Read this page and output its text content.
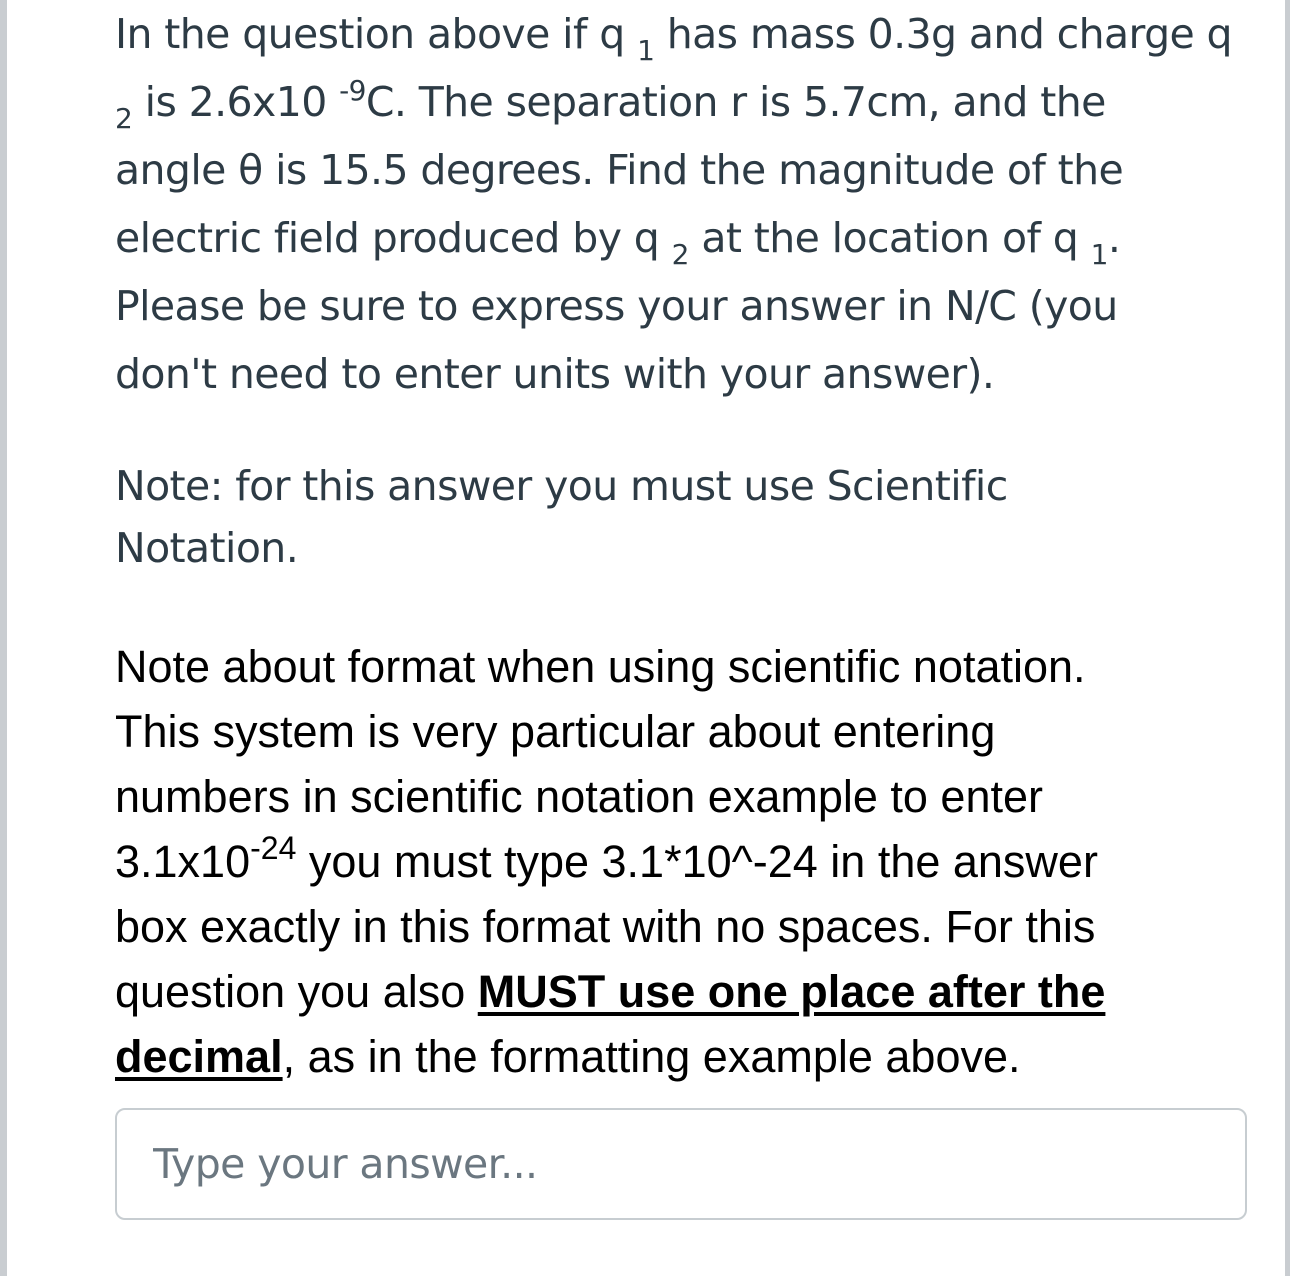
In the question above if q $_1$ has mass 0.3g and charge q
$_2$ is 2.6x10 $^{-9}$C. The separation r is 5.7cm, and the
angle θ is 15.5 degrees. Find the magnitude of the
electric field produced by q $_2$ at the location of q $_1$.
Please be sure to express your answer in N/C (you
don't need to enter units with your answer).
Note: for this answer you must use Scientific
Notation.
Note about format when using scientific notation.
This system is very particular about entering
numbers in scientific notation example to enter
$3.1x10^{-24}$ you must type 3.1*10^-24 in the answer
box exactly in this format with no spaces. For this
question you also MUST use one place after the
decimal, as in the formatting example above.
Type your answer...
